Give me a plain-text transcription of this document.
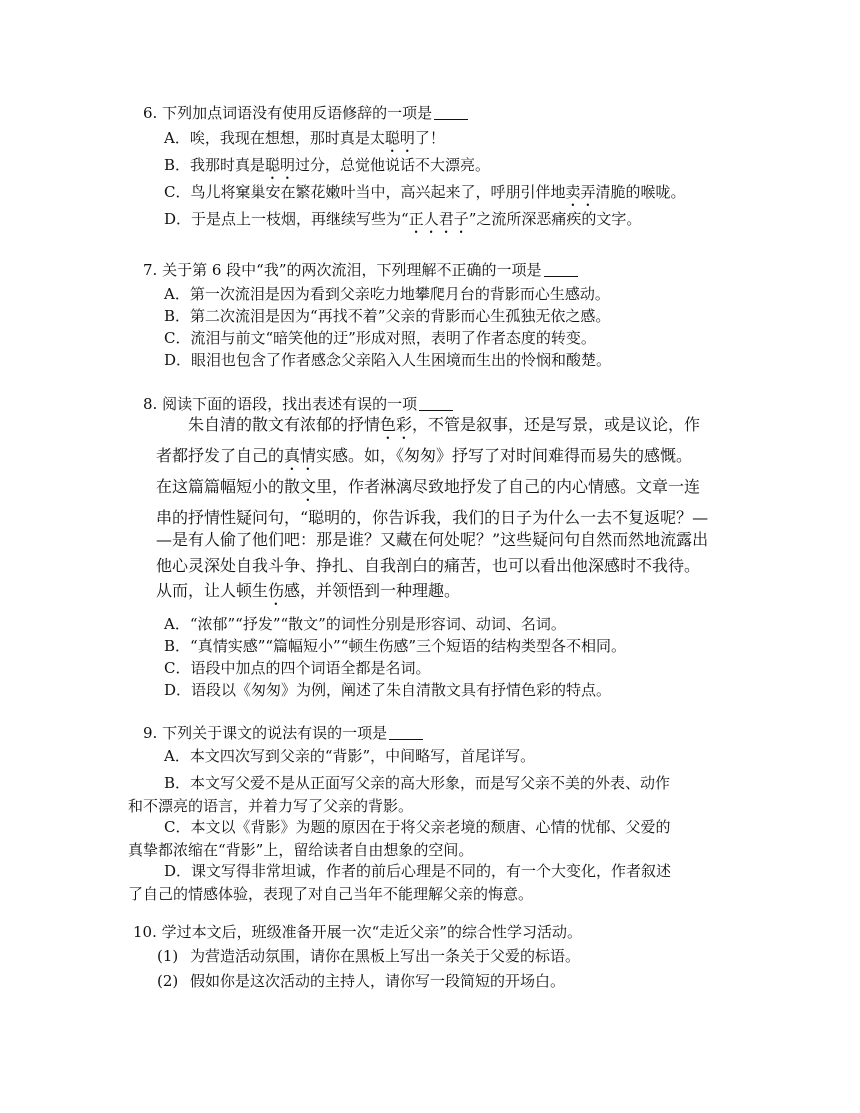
6. 下列加点词语没有使用反语修辞的一项是
A．唉，我现在想想，那时真是太聪明了！
B．我那时真是聪明过分，总觉他说话不大漂亮。
C．鸟儿将窠巢安在繁花嫩叶当中，高兴起来了，呼朋引伴地卖弄清脆的喉咙。
D．于是点上一枝烟，再继续写些为“正人君子”之流所深恶痛疾的文字。
7. 关于第 6 段中“我”的两次流泪，下列理解不正确的一项是
A．第一次流泪是因为看到父亲吃力地攀爬月台的背影而心生感动。
B．第二次流泪是因为“再找不着”父亲的背影而心生孤独无依之感。
C．流泪与前文“暗笑他的迂”形成对照，表明了作者态度的转变。
D．眼泪也包含了作者感念父亲陷入人生困境而生出的怜悯和酸楚。
8. 阅读下面的语段，找出表述有误的一项
朱自清的散文有浓郁的抒情色彩，不管是叙事，还是写景，或是议论，作
者都抒发了自己的真情实感。如，《匆匆》抒写了对时间难得而易失的感慨。
在这篇篇幅短小的散文里，作者淋漓尽致地抒发了自己的内心情感。文章一连
串的抒情性疑问句，“聪明的，你告诉我，我们的日子为什么一去不复返呢？—
—是有人偷了他们吧：那是谁？又藏在何处呢？”这些疑问句自然而然地流露出
他心灵深处自我斗争、挣扎、自我剖白的痛苦，也可以看出他深感时不我待。
从而，让人顿生伤感，并领悟到一种理趣。
A．“浓郁”“抒发”“散文”的词性分别是形容词、动词、名词。
B．“真情实感”“篇幅短小”“顿生伤感”三个短语的结构类型各不相同。
C．语段中加点的四个词语全都是名词。
D．语段以《匆匆》为例，阐述了朱自清散文具有抒情色彩的特点。
9. 下列关于课文的说法有误的一项是
A．本文四次写到父亲的“背影”，中间略写，首尾详写。
B．本文写父爱不是从正面写父亲的高大形象，而是写父亲不美的外表、动作
和不漂亮的语言，并着力写了父亲的背影。
C．本文以《背影》为题的原因在于将父亲老境的颓唐、心情的忧郁、父爱的
真挚都浓缩在“背影”上，留给读者自由想象的空间。
D．课文写得非常坦诚，作者的前后心理是不同的，有一个大变化，作者叙述
了自己的情感体验，表现了对自己当年不能理解父亲的悔意。
10. 学过本文后，班级准备开展一次“走近父亲”的综合性学习活动。
(1) 为营造活动氛围，请你在黑板上写出一条关于父爱的标语。
(2) 假如你是这次活动的主持人，请你写一段简短的开场白。
